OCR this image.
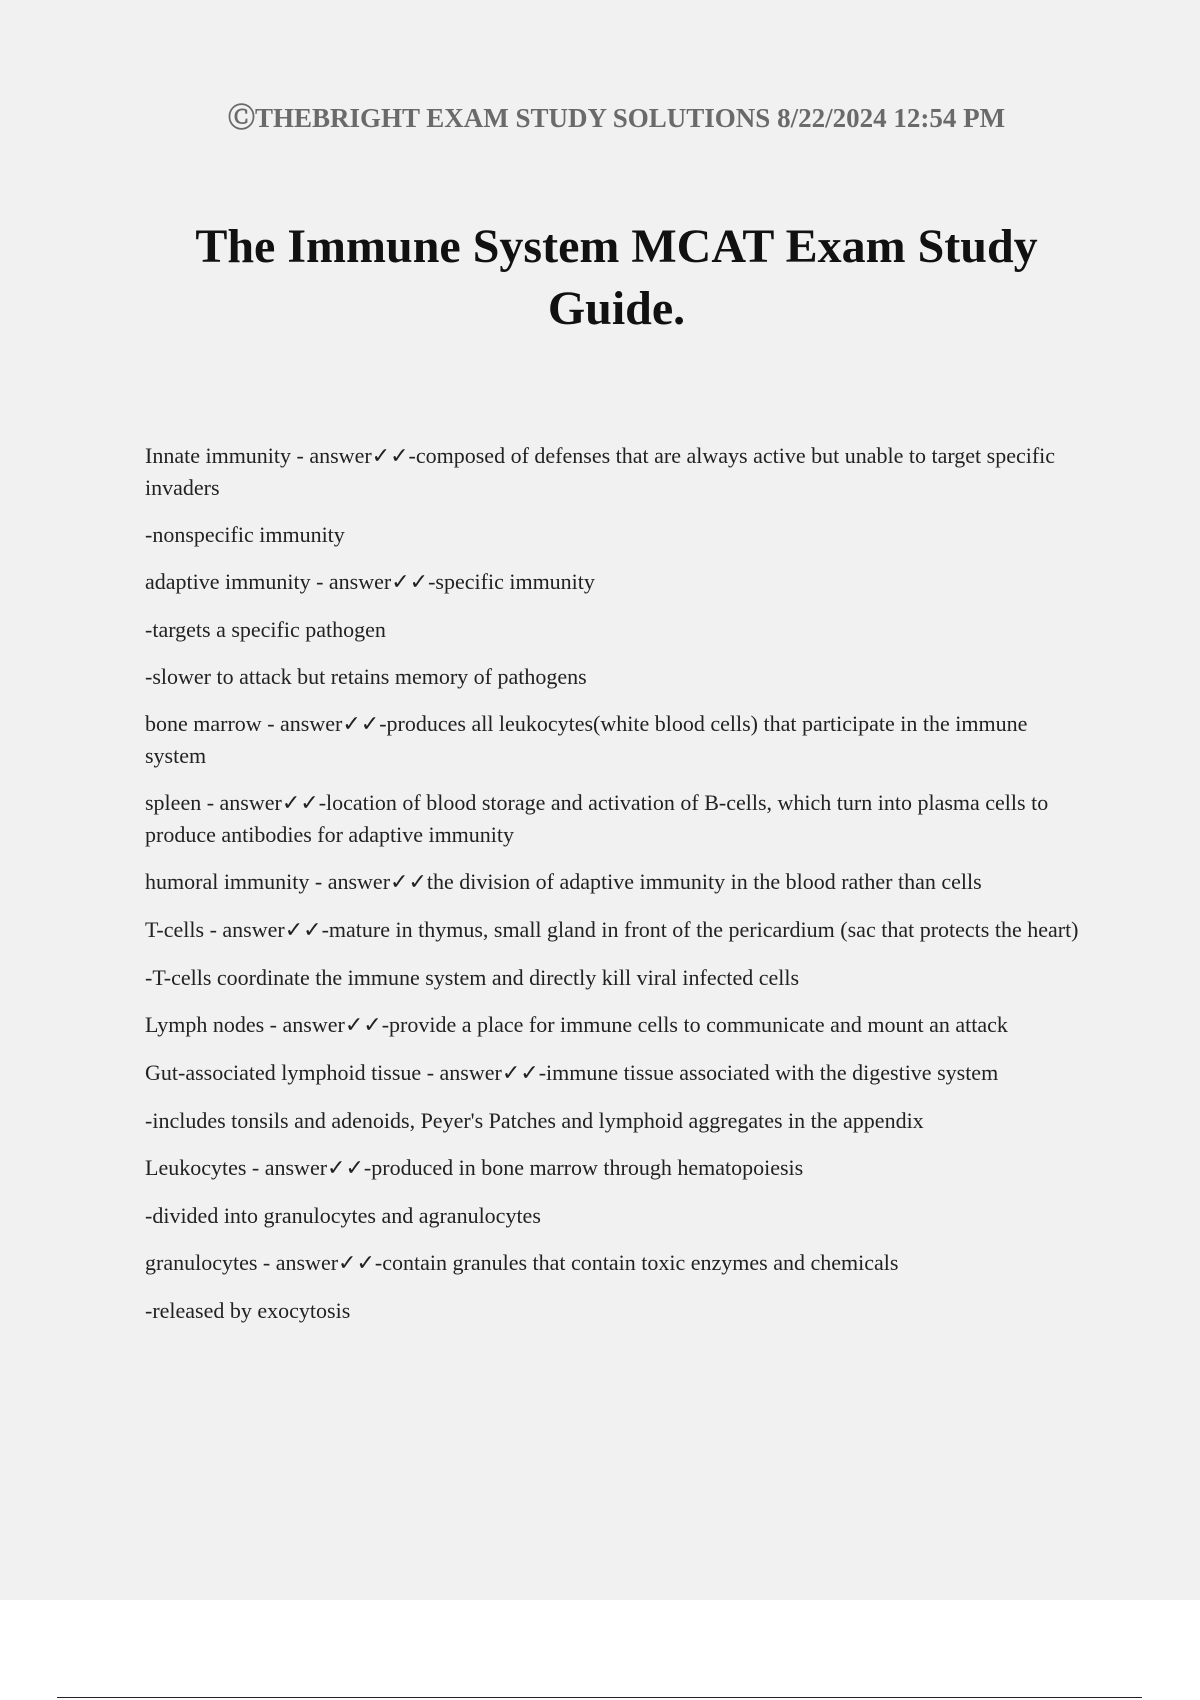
ⒸTHEBRIGHT EXAM STUDY SOLUTIONS 8/22/2024 12:54 PM
The Immune System MCAT Exam Study Guide.

Innate immunity - answer✓✓-composed of defenses that are always active but unable to target specific invaders

-nonspecific immunity

adaptive immunity - answer✓✓-specific immunity

-targets a specific pathogen

-slower to attack but retains memory of pathogens

bone marrow - answer✓✓-produces all leukocytes(white blood cells) that participate in the immune system

spleen - answer✓✓-location of blood storage and activation of B-cells, which turn into plasma cells to produce antibodies for adaptive immunity

humoral immunity - answer✓✓the division of adaptive immunity in the blood rather than cells

T-cells - answer✓✓-mature in thymus, small gland in front of the pericardium (sac that protects the heart)

-T-cells coordinate the immune system and directly kill viral infected cells

Lymph nodes - answer✓✓-provide a place for immune cells to communicate and mount an attack

Gut-associated lymphoid tissue - answer✓✓-immune tissue associated with the digestive system

-includes tonsils and adenoids, Peyer's Patches and lymphoid aggregates in the appendix

Leukocytes - answer✓✓-produced in bone marrow through hematopoiesis

-divided into granulocytes and agranulocytes

granulocytes - answer✓✓-contain granules that contain toxic enzymes and chemicals

-released by exocytosis
